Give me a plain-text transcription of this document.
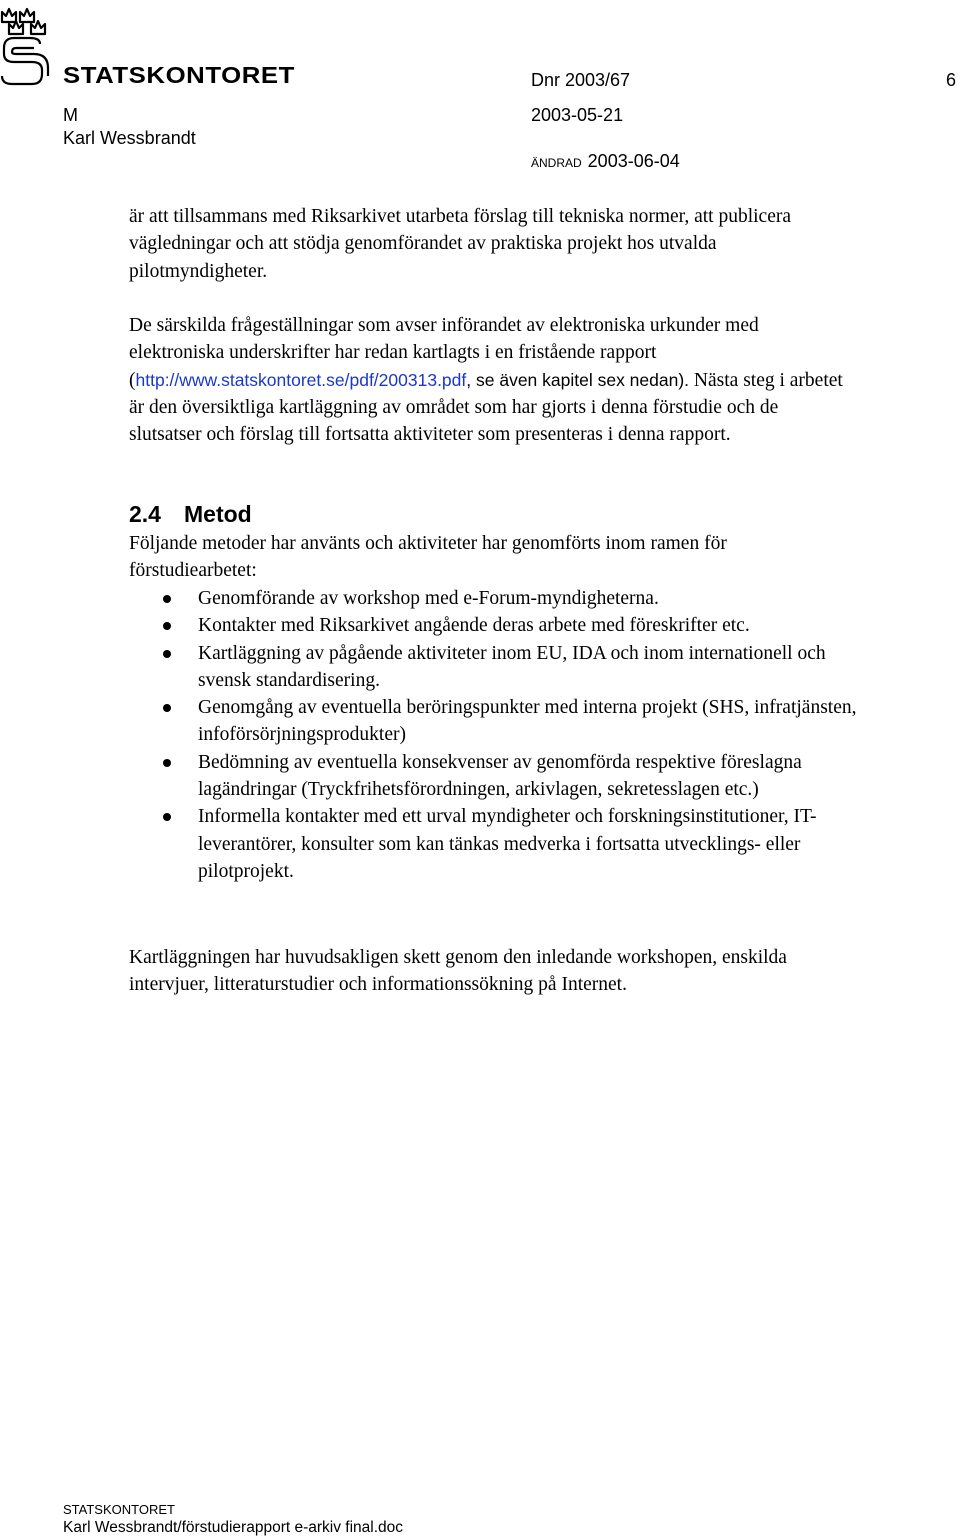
STATSKONTORET	Dnr 2003/67	6
M	2003-05-21
Karl Wessbrandt
ÄNDRAD 2003-06-04

är att tillsammans med Riksarkivet utarbeta förslag till tekniska normer, att publicera vägledningar och att stödja genomförandet av praktiska projekt hos utvalda pilotmyndigheter.

De särskilda frågeställningar som avser införandet av elektroniska urkunder med elektroniska underskrifter har redan kartlagts i en fristående rapport (http://www.statskontoret.se/pdf/200313.pdf, se även kapitel sex nedan). Nästa steg i arbetet är den översiktliga kartläggning av området som har gjorts i denna förstudie och de slutsatser och förslag till fortsatta aktiviteter som presenteras i denna rapport.

2.4 Metod

Följande metoder har använts och aktiviteter har genomförts inom ramen för förstudiearbetet:

Genomförande av workshop med e-Forum-myndigheterna.
Kontakter med Riksarkivet angående deras arbete med föreskrifter etc.
Kartläggning av pågående aktiviteter inom EU, IDA och inom internationell och svensk standardisering.
Genomgång av eventuella beröringspunkter med interna projekt (SHS, infratjänsten, infoförsörjningsprodukter)
Bedömning av eventuella konsekvenser av genomförda respektive föreslagna lagändringar (Tryckfrihetsförordningen, arkivlagen, sekretesslagen etc.)
Informella kontakter med ett urval myndigheter och forskningsinstitutioner, IT-leverantörer, konsulter som kan tänkas medverka i fortsatta utvecklings- eller pilotprojekt.

Kartläggningen har huvudsakligen skett genom den inledande workshopen, enskilda intervjuer, litteraturstudier och informationssökning på Internet.

STATSKONTORET
Karl Wessbrandt/förstudierapport e-arkiv final.doc
